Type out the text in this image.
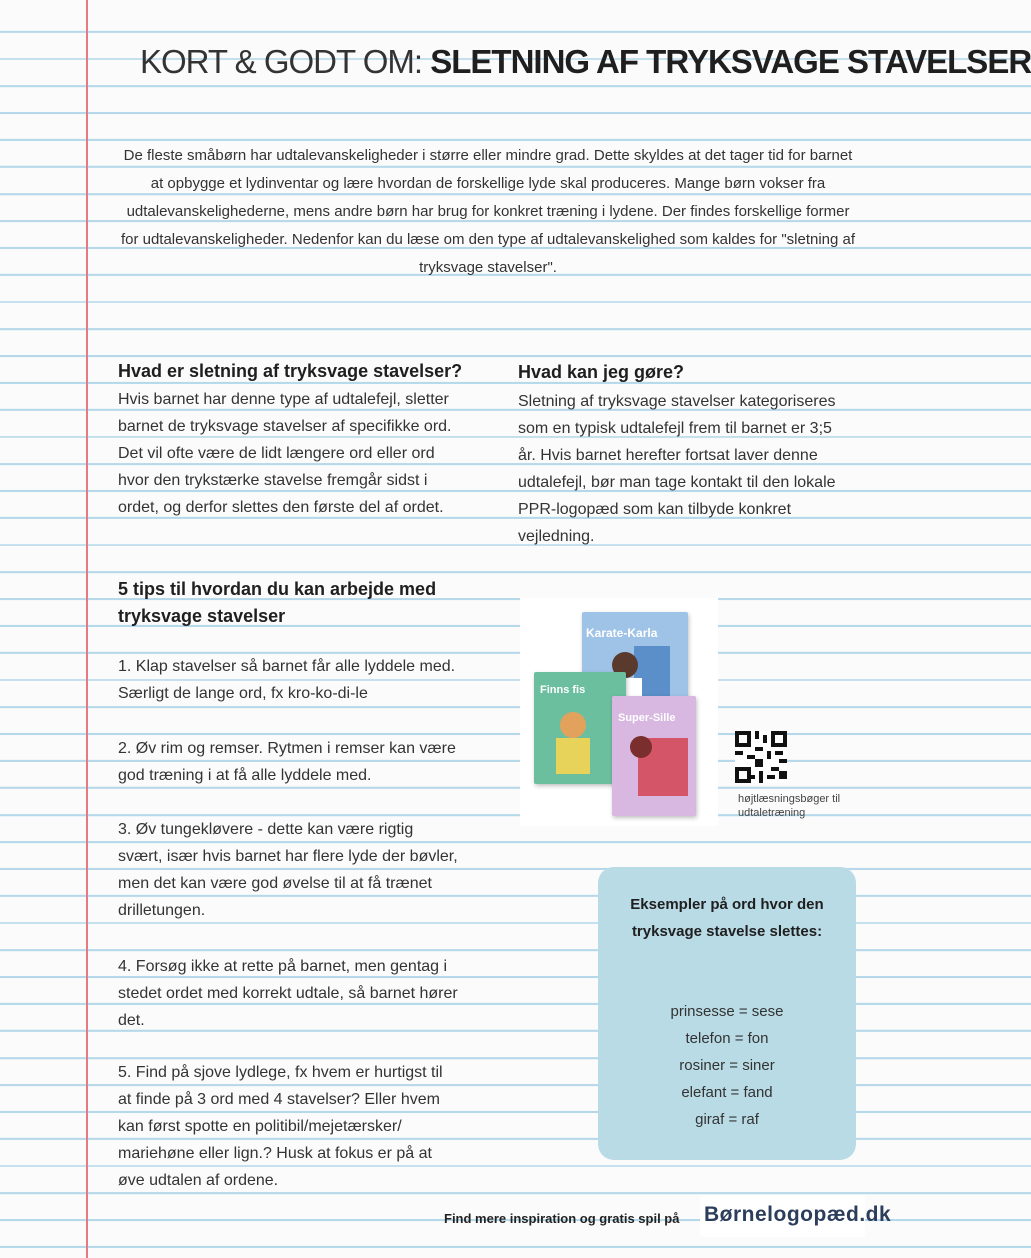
KORT & GODT OM: SLETNING AF TRYKSVAGE STAVELSER

De fleste småbørn har udtalevanskeligheder i større eller mindre grad. Dette skyldes at det tager tid for barnet at opbygge et lydinventar og lære hvordan de forskellige lyde skal produceres. Mange børn vokser fra udtalevanskelighederne, mens andre børn har brug for konkret træning i lydene. Der findes forskellige former for udtalevanskeligheder. Nedenfor kan du læse om den type af udtalevanskelighed som kaldes for "sletning af tryksvage stavelser".

Hvad er sletning af tryksvage stavelser?

Hvis barnet har denne type af udtalefejl, sletter barnet de tryksvage stavelser af specifikke ord. Det vil ofte være de lidt længere ord eller ord hvor den trykstærke stavelse fremgår sidst i ordet, og derfor slettes den første del af ordet.

Hvad kan jeg gøre?

Sletning af tryksvage stavelser kategoriseres som en typisk udtalefejl frem til barnet er 3;5 år. Hvis barnet herefter fortsat laver denne udtalefejl, bør man tage kontakt til den lokale PPR-logopæd som kan tilbyde konkret vejledning.

5 tips til hvordan du kan arbejde med tryksvage stavelser

1. Klap stavelser så barnet får alle lyddele med. Særligt de lange ord, fx kro-ko-di-le

2. Øv rim og remser. Rytmen i remser kan være god træning i at få alle lyddele med.

3. Øv tungekløvere - dette kan være rigtig svært, især hvis barnet har flere lyde der bøvler, men det kan være god øvelse til at få trænet drilletungen.

4. Forsøg ikke at rette på barnet, men gentag i stedet ordet med korrekt udtale, så barnet hører det.

5. Find på sjove lydlege, fx hvem er hurtigst til at finde på 3 ord med 4 stavelser? Eller hvem kan først spotte en politibil/mejetærsker/ mariehøne eller lign.? Husk at fokus er på at øve udtalen af ordene.

Karate-Karla
Finns fis
Super-Sille

højtlæsningsbøger til udtaletræning

Eksempler på ord hvor den tryksvage stavelse slettes:

prinsesse = sese
telefon = fon
rosiner = siner
elefant = fand
giraf = raf

Find mere inspiration og gratis spil på Børnelogopæd.dk
